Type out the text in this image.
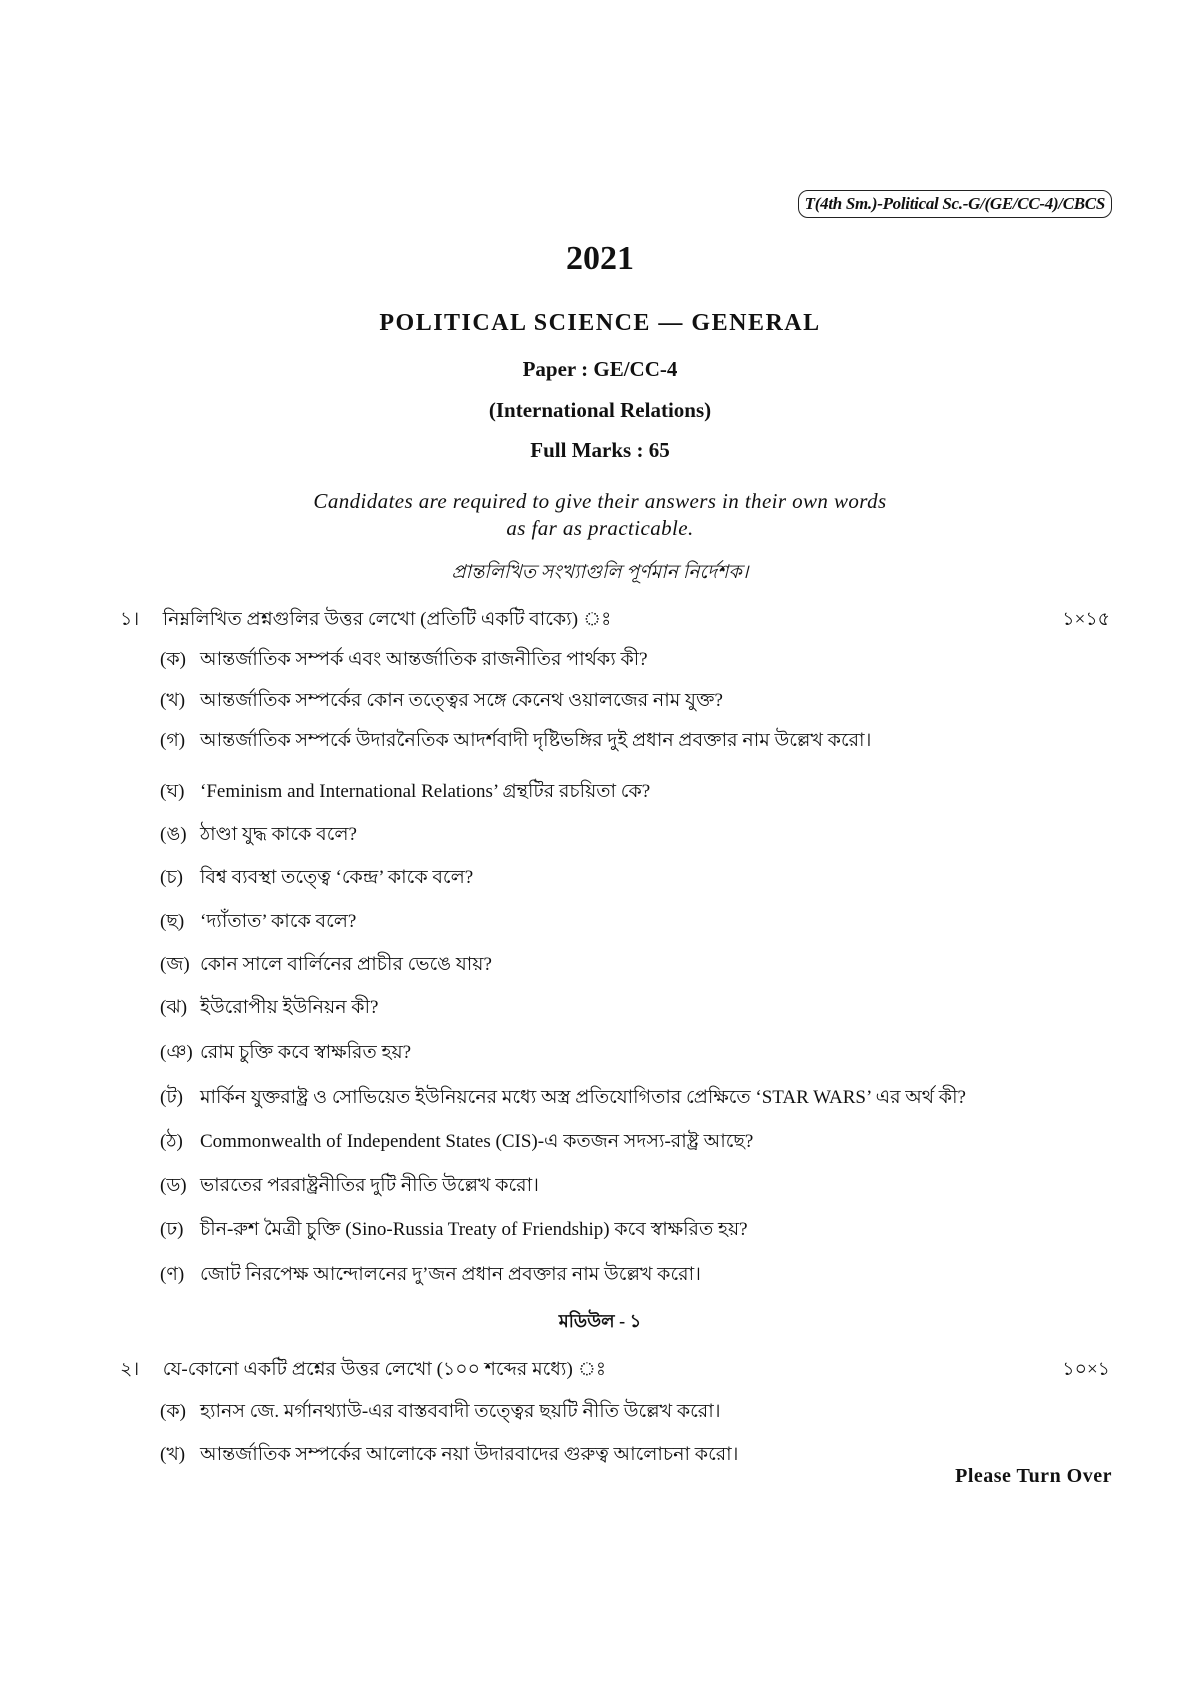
T(4th Sm.)-Political Sc.-G/(GE/CC-4)/CBCS
2021
POLITICAL SCIENCE — GENERAL
Paper : GE/CC-4
(International Relations)
Full Marks : 65
Candidates are required to give their answers in their own words
as far as practicable.
প্রান্তলিখিত সংখ্যাগুলি পূর্ণমান নির্দেশক।
১। নিম্নলিখিত প্রশ্নগুলির উত্তর লেখো (প্রতিটি একটি বাক্যে) ঃ	১×১৫
(ক) আন্তর্জাতিক সম্পর্ক এবং আন্তর্জাতিক রাজনীতির পার্থক্য কী?
(খ) আন্তর্জাতিক সম্পর্কের কোন তত্ত্বের সঙ্গে কেনেথ ওয়ালজের নাম যুক্ত?
(গ) আন্তর্জাতিক সম্পর্কে উদারনৈতিক আদর্শবাদী দৃষ্টিভঙ্গির দুই প্রধান প্রবক্তার নাম উল্লেখ করো।
(ঘ) ‘Feminism and International Relations’ গ্রন্থটির রচয়িতা কে?
(ঙ) ঠাণ্ডা যুদ্ধ কাকে বলে?
(চ) বিশ্ব ব্যবস্থা তত্ত্বে ‘কেন্দ্র’ কাকে বলে?
(ছ) ‘দ্যাঁতাত’ কাকে বলে?
(জ) কোন সালে বার্লিনের প্রাচীর ভেঙে যায়?
(ঝ) ইউরোপীয় ইউনিয়ন কী?
(ঞ) রোম চুক্তি কবে স্বাক্ষরিত হয়?
(ট) মার্কিন যুক্তরাষ্ট্র ও সোভিয়েত ইউনিয়নের মধ্যে অস্ত্র প্রতিযোগিতার প্রেক্ষিতে ‘STAR WARS’ এর অর্থ কী?
(ঠ) Commonwealth of Independent States (CIS)-এ কতজন সদস্য-রাষ্ট্র আছে?
(ড) ভারতের পররাষ্ট্রনীতির দুটি নীতি উল্লেখ করো।
(ঢ) চীন-রুশ মৈত্রী চুক্তি (Sino-Russia Treaty of Friendship) কবে স্বাক্ষরিত হয়?
(ণ) জোট নিরপেক্ষ আন্দোলনের দু’জন প্রধান প্রবক্তার নাম উল্লেখ করো।
মডিউল - ১
২। যে-কোনো একটি প্রশ্নের উত্তর লেখো (১০০ শব্দের মধ্যে) ঃ	১০×১
(ক) হ্যানস জে. মর্গানথ্যাউ-এর বাস্তববাদী তত্ত্বের ছয়টি নীতি উল্লেখ করো।
(খ) আন্তর্জাতিক সম্পর্কের আলোকে নয়া উদারবাদের গুরুত্ব আলোচনা করো।
Please Turn Over
